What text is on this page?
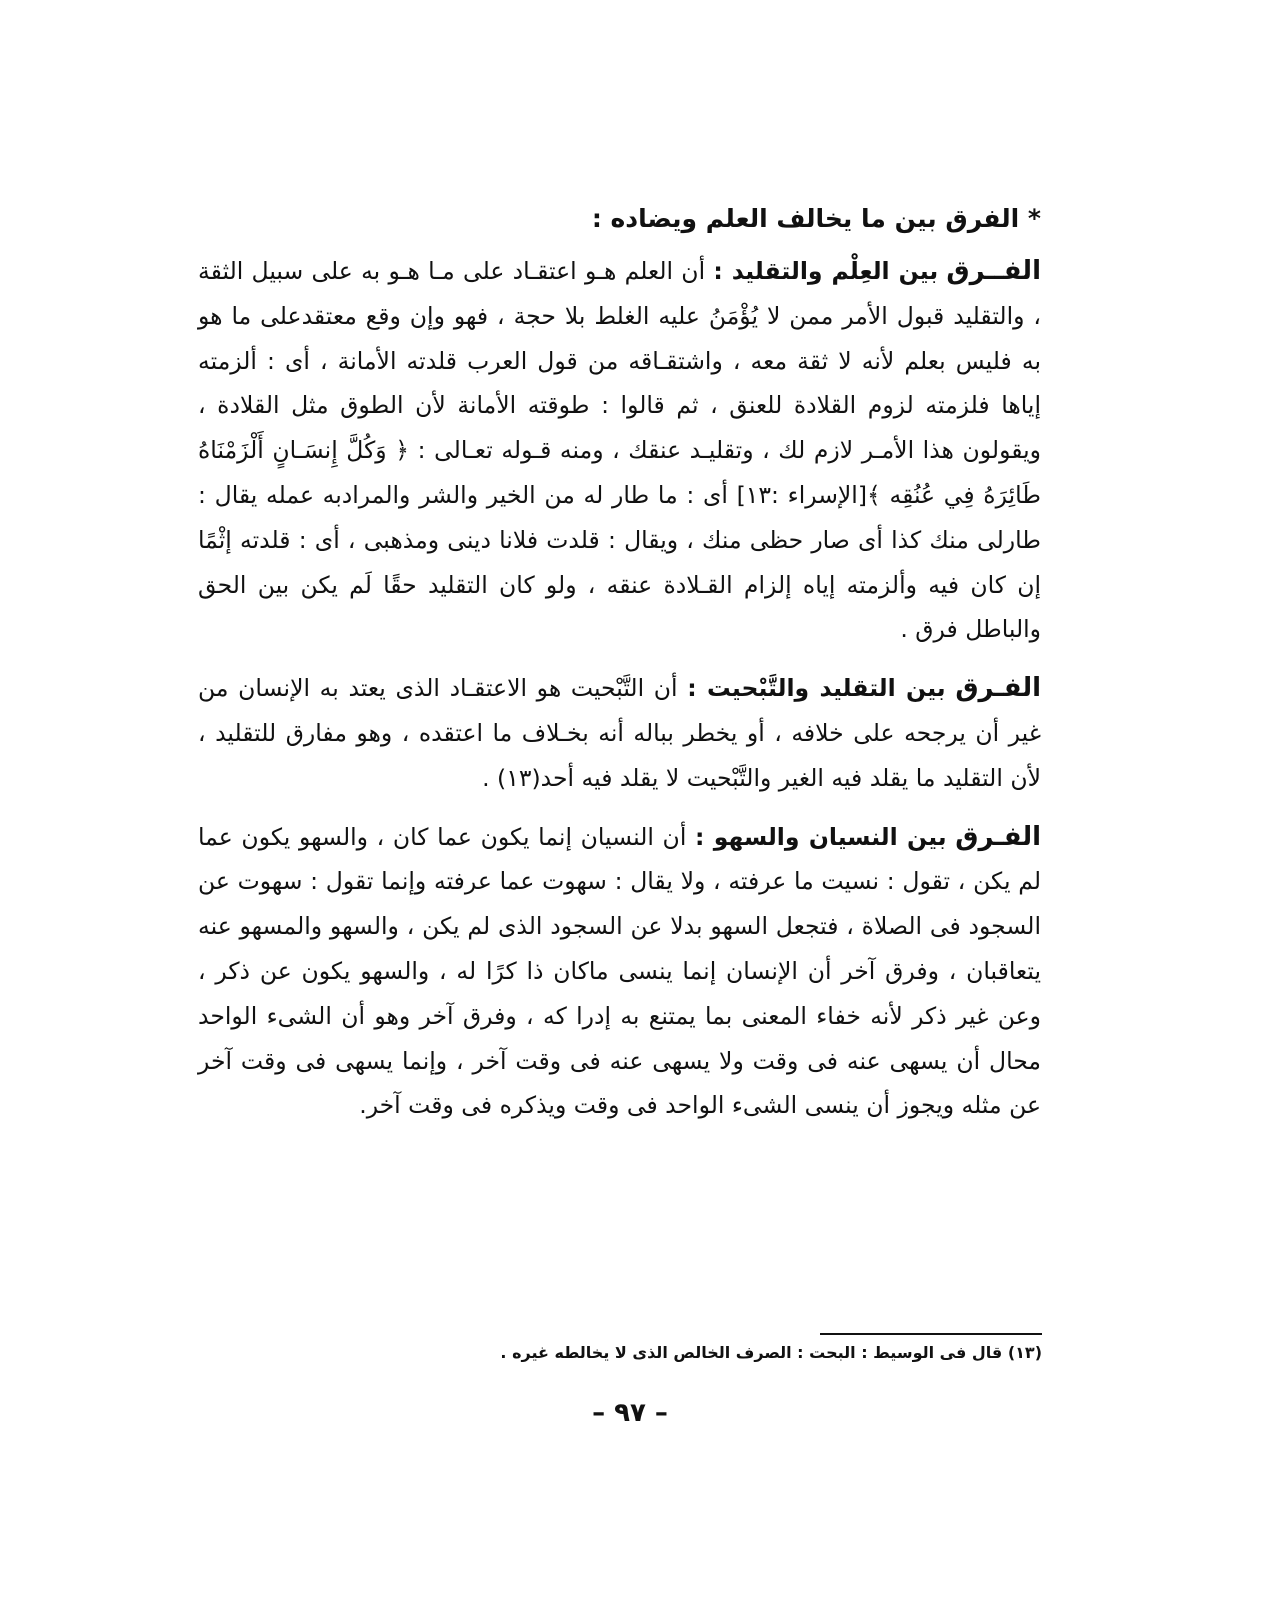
* الفرق بين ما يخالف العلم ويضاده :

الفــرق بين العِلْم والتقليد : أن العلم هـو اعتقـاد على مـا هـو به على سبيل الثقة ، والتقليد قبول الأمر ممن لا يُؤْمَنُ عليه الغلط بلا حجة ، فهو وإن وقع معتقدعلى ما هو به فليس بعلم لأنه لا ثقة معه ، واشتقـاقه من قول العرب قلدته الأمانة ، أى : ألزمته إياها فلزمته لزوم القلادة للعنق ، ثم قالوا : طوقته الأمانة لأن الطوق مثل القلادة ، ويقولون هذا الأمـر لازم لك ، وتقليـد عنقك ، ومنه قـوله تعـالى : ﴿ وَكُلَّ إِنسَـانٍ أَلْزَمْنَاهُ طَائِرَهُ فِي عُنُقِه ﴾[الإسراء :١٣] أى : ما طار له من الخير والشر والمرادبه عمله يقال : طارلى منك كذا أى صار حظى منك ، ويقال : قلدت فلانا دينى ومذهبى ، أى : قلدته إثْمًا إن كان فيه وألزمته إياه إلزام القـلادة عنقه ، ولو كان التقليد حقًا لَم يكن بين الحق والباطل فرق .

الفـرق بين التقليد والتَّبْحيت : أن التَّبْحيت هو الاعتقـاد الذى يعتد به الإنسان من غير أن يرجحه على خلافه ، أو يخطر بباله أنه بخـلاف ما اعتقده ، وهو مفارق للتقليد ، لأن التقليد ما يقلد فيه الغير والتَّبْحيت لا يقلد فيه أحد(١٣) .

الفـرق بين النسيان والسهو : أن النسيان إنما يكون عما كان ، والسهو يكون عما لم يكن ، تقول : نسيت ما عرفته ، ولا يقال : سهوت عما عرفته وإنما تقول : سهوت عن السجود فى الصلاة ، فتجعل السهو بدلا عن السجود الذى لم يكن ، والسهو والمسهو عنه يتعاقبان ، وفرق آخر أن الإنسان إنما ينسى ماكان ذا كرًا له ، والسهو يكون عن ذكر ، وعن غير ذكر لأنه خفاء المعنى بما يمتنع به إدرا كه ، وفرق آخر وهو أن الشىء الواحد محال أن يسهى عنه فى وقت ولا يسهى عنه فى وقت آخر ، وإنما يسهى فى وقت آخر عن مثله ويجوز أن ينسى الشىء الواحد فى وقت ويذكره فى وقت آخر.

(١٣) قال فى الوسيط : البحت : الصرف الخالص الذى لا يخالطه غيره .
– ٩٧ –
